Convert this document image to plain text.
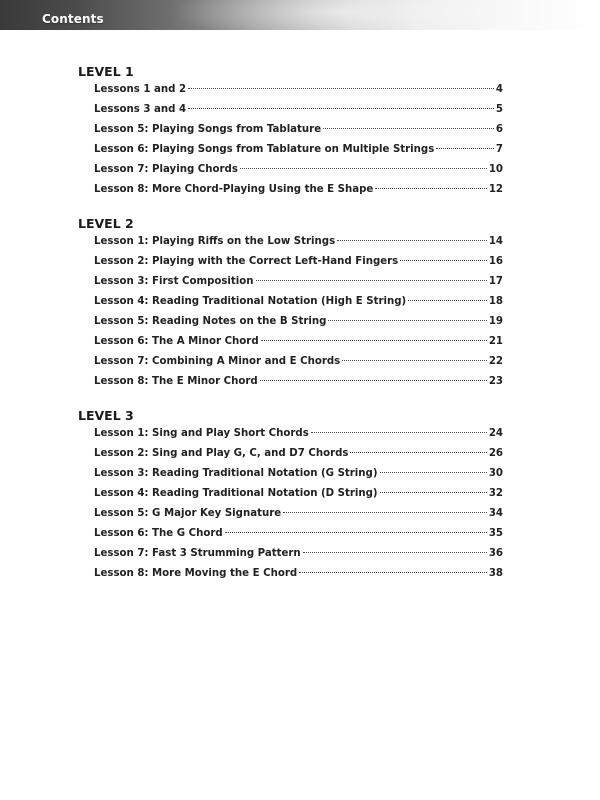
Contents
LEVEL 1
Lessons 1 and 2	4
Lessons 3 and 4	5
Lesson 5: Playing Songs from Tablature	6
Lesson 6: Playing Songs from Tablature on Multiple Strings	7
Lesson 7: Playing Chords	10
Lesson 8: More Chord-Playing Using the E Shape	12
LEVEL 2
Lesson 1: Playing Riffs on the Low Strings	14
Lesson 2: Playing with the Correct Left-Hand Fingers	16
Lesson 3: First Composition	17
Lesson 4: Reading Traditional Notation (High E String)	18
Lesson 5: Reading Notes on the B String	19
Lesson 6: The A Minor Chord	21
Lesson 7: Combining A Minor and E Chords	22
Lesson 8: The E Minor Chord	23
LEVEL 3
Lesson 1: Sing and Play Short Chords	24
Lesson 2: Sing and Play G, C, and D7 Chords	26
Lesson 3: Reading Traditional Notation (G String)	30
Lesson 4: Reading Traditional Notation (D String)	32
Lesson 5: G Major Key Signature	34
Lesson 6: The G Chord	35
Lesson 7: Fast 3 Strumming Pattern	36
Lesson 8: More Moving the E Chord	38
